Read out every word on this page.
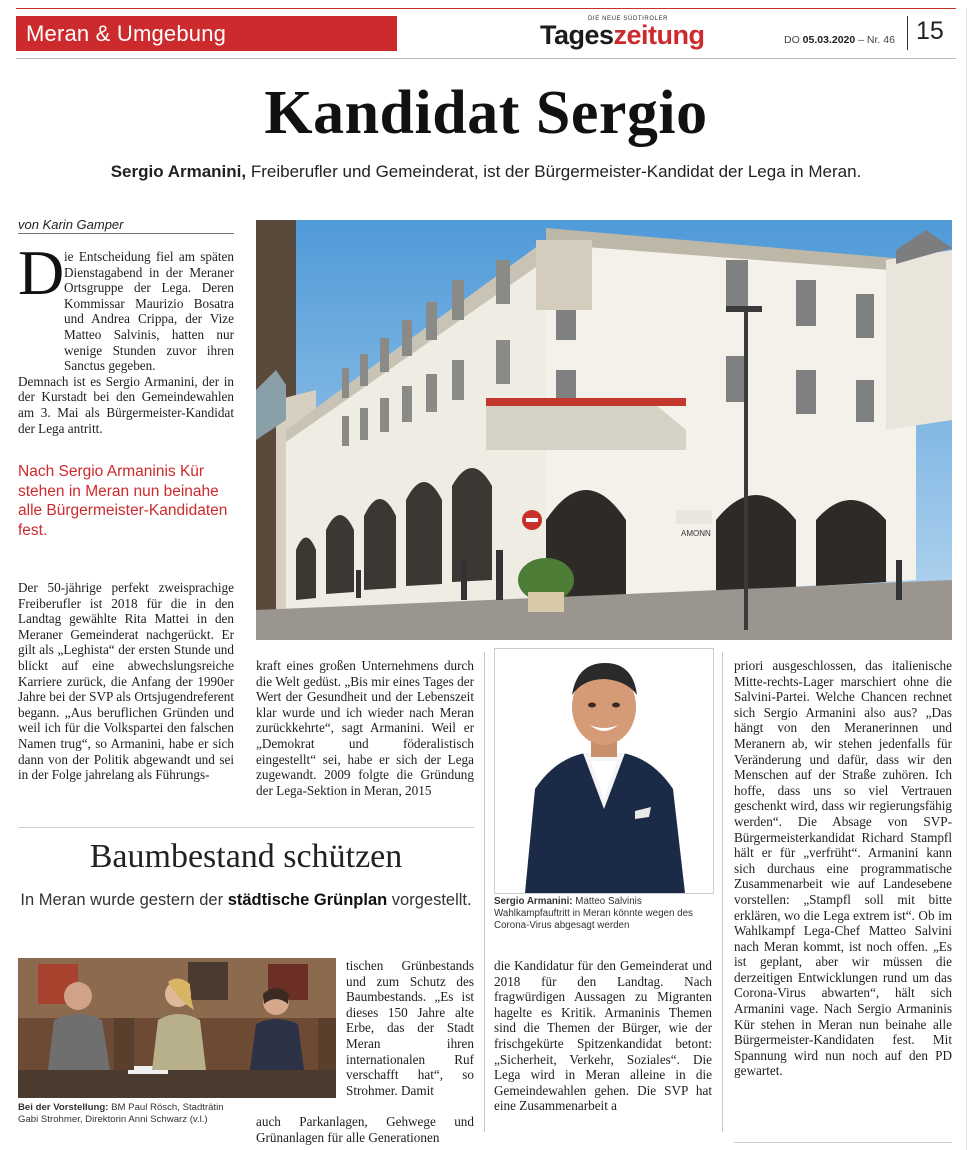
Meran & Umgebung
DIE NEUE SÜDTIROLER
Tageszeitung	DO 05.03.2020 – Nr. 46 15
Kandidat Sergio
Sergio Armanini, Freiberufler und Gemeinderat, ist der Bürgermeister-Kandidat der Lega in Meran.
von Karin Gamper
D ie Entscheidung fiel am späten Dienstagabend in der Meraner Ortsgruppe der Lega. Deren Kommissar Maurizio Bosatra und Andrea Crippa, der Vize Matteo Salvinis, hatten nur wenige Stunden zuvor ihren Sanctus gegeben.
Demnach ist es Sergio Armanini, der in der Kurstadt bei den Gemeindewahlen am 3. Mai als Bürgermeister-Kandidat der Lega antritt.
Nach Sergio Armaninis Kür stehen in Meran nun beinahe alle Bürgermeister-Kandidaten fest.
Der 50-jährige perfekt zweisprachige Freiberufler ist 2018 für die in den Landtag gewählte Rita Mattei in den Meraner Gemeinderat nachgerückt. Er gilt als „Leghista“ der ersten Stunde und blickt auf eine abwechslungsreiche Karriere zurück, die Anfang der 1990er Jahre bei der SVP als Ortsjugendreferent begann. „Aus beruflichen Gründen und weil ich für die Volkspartei den falschen Namen trug“, so Armanini, habe er sich dann von der Politik abgewandt und sei in der Folge jahrelang als Führungs-
AMONN
kraft eines großen Unternehmens durch die Welt gedüst. „Bis mir eines Tages der Wert der Gesundheit und der Lebenszeit klar wurde und ich wieder nach Meran zurückkehrte“, sagt Armanini. Weil er „Demokrat und föderalistisch eingestellt“ sei, habe er sich der Lega zugewandt. 2009 folgte die Gründung der Lega-Sektion in Meran, 2015
Sergio Armanini: Matteo Salvinis Wahlkampfauftritt in Meran könnte wegen des Corona-Virus abgesagt werden
die Kandidatur für den Gemeinderat und 2018 für den Landtag. Nach fragwürdigen Aussagen zu Migranten hagelte es Kritik. Armaninis Themen sind die Themen der Bürger, wie der frischgekürte Spitzenkandidat betont: „Sicherheit, Verkehr, Soziales“. Die Lega wird in Meran alleine in die Gemeindewahlen gehen. Die SVP hat eine Zusammenarbeit a
priori ausgeschlossen, das italienische Mitte-rechts-Lager marschiert ohne die Salvini-Partei. Welche Chancen rechnet sich Sergio Armanini also aus? „Das hängt von den Meranerinnen und Meranern ab, wir stehen jedenfalls für Veränderung und dafür, dass wir den Menschen auf der Straße zuhören. Ich hoffe, dass uns so viel Vertrauen geschenkt wird, dass wir regierungsfähig werden“. Die Absage von SVP-Bürgermeisterkandidat Richard Stampfl hält er für „verfrüht“. Armanini kann sich durchaus eine programmatische Zusammenarbeit wie auf Landesebene vorstellen: „Stampfl soll mit bitte erklären, wo die Lega extrem ist“. Ob im Wahlkampf Lega-Chef Matteo Salvini nach Meran kommt, ist noch offen. „Es ist geplant, aber wir müssen die derzeitigen Entwicklungen rund um das Corona-Virus abwarten“, hält sich Armanini vage. Nach Sergio Armaninis Kür stehen in Meran nun beinahe alle Bürgermeister-Kandidaten fest. Mit Spannung wird nun noch auf den PD gewartet.
Baumbestand schützen
In Meran wurde gestern der städtische Grünplan vorgestellt.
Bei der Vorstellung: BM Paul Rösch, Stadträtin Gabi Strohmer, Direktorin Anni Schwarz (v.l.)
tischen Grünbestands und zum Schutz des Baumbestands. „Es ist dieses 150 Jahre alte Erbe, das der Stadt Meran ihren internationalen Ruf verschafft hat“, so Strohmer. Damit
auch Parkanlagen, Gehwege und Grünanlagen für alle Generationen
